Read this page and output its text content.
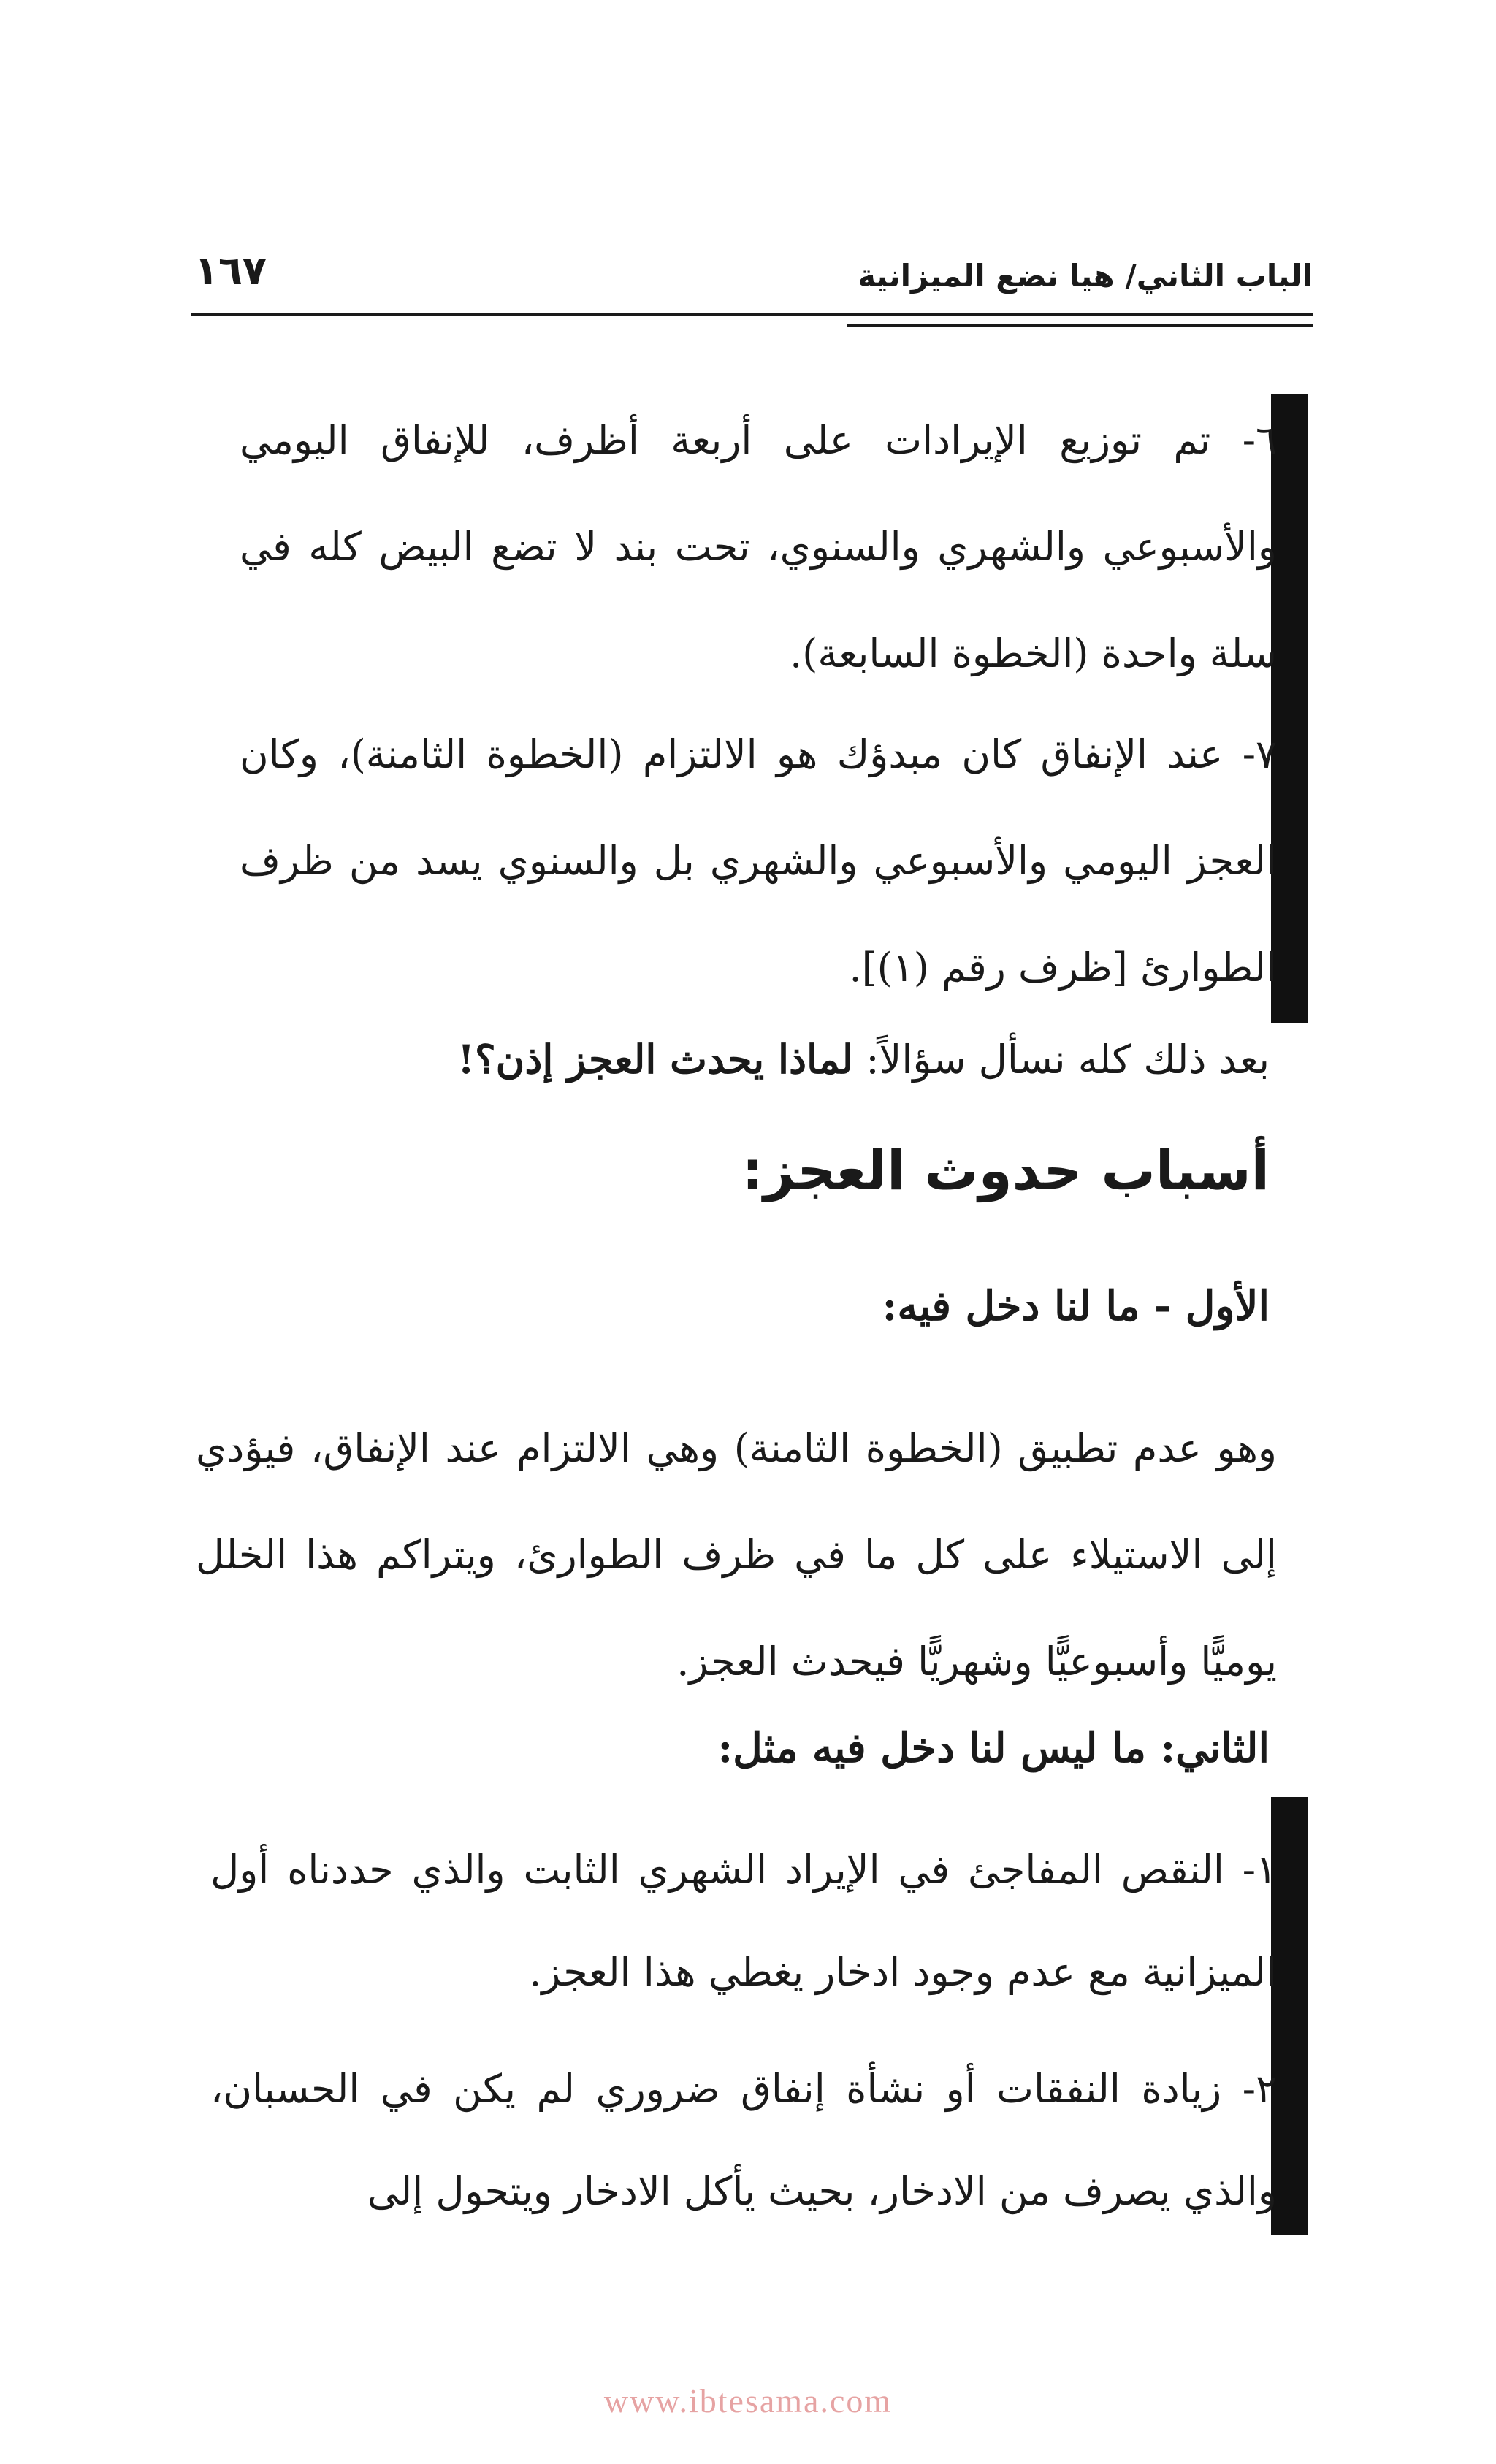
الباب الثاني/ هيا نضع الميزانية
١٦٧

٦- تم توزيع الإيرادات على أربعة أظرف، للإنفاق اليومي والأسبوعي والشهري والسنوي، تحت بند لا تضع البيض كله في سلة واحدة (الخطوة السابعة).

٧- عند الإنفاق كان مبدؤك هو الالتزام (الخطوة الثامنة)، وكان العجز اليومي والأسبوعي والشهري بل والسنوي يسد من ظرف الطوارئ [ظرف رقم (١)].

بعد ذلك كله نسأل سؤالاً: لماذا يحدث العجز إذن؟!

أسباب حدوث العجز:
الأول - ما لنا دخل فيه:

وهو عدم تطبيق (الخطوة الثامنة) وهي الالتزام عند الإنفاق، فيؤدي إلى الاستيلاء على كل ما في ظرف الطوارئ، ويتراكم هذا الخلل يوميًّا وأسبوعيًّا وشهريًّا فيحدث العجز.

الثاني: ما ليس لنا دخل فيه مثل:

١- النقص المفاجئ في الإيراد الشهري الثابت والذي حددناه أول الميزانية مع عدم وجود ادخار يغطي هذا العجز.

٢- زيادة النفقات أو نشأة إنفاق ضروري لم يكن في الحسبان، والذي يصرف من الادخار، بحيث يأكل الادخار ويتحول إلى

www.ibtesama.com
